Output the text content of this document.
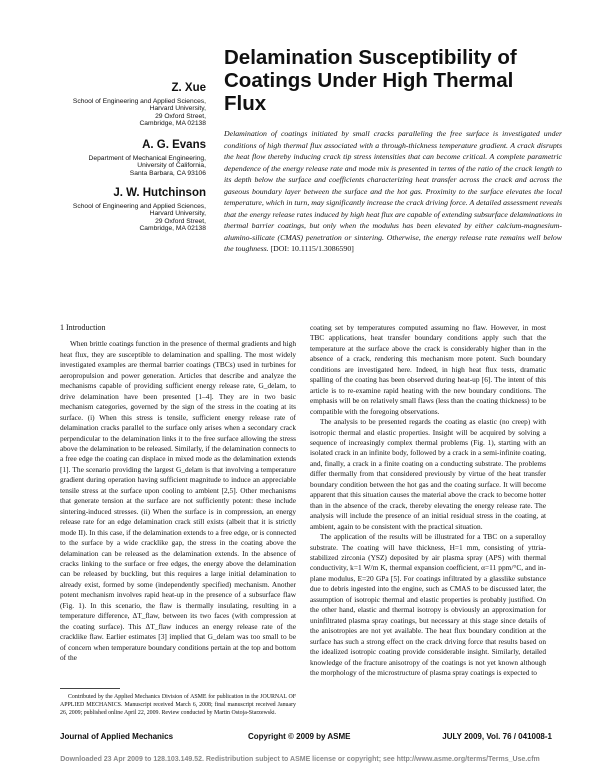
Z. Xue
School of Engineering and Applied Sciences,
Harvard University,
29 Oxford Street,
Cambridge, MA 02138
A. G. Evans
Department of Mechanical Engineering,
University of California,
Santa Barbara, CA 93106
J. W. Hutchinson
School of Engineering and Applied Sciences,
Harvard University,
29 Oxford Street,
Cambridge, MA 02138
Delamination Susceptibility of Coatings Under High Thermal Flux
Delamination of coatings initiated by small cracks paralleling the free surface is investigated under conditions of high thermal flux associated with a through-thickness temperature gradient. A crack disrupts the heat flow thereby inducing crack tip stress intensities that can become critical. A complete parametric dependence of the energy release rate and mode mix is presented in terms of the ratio of the crack length to its depth below the surface and coefficients characterizing heat transfer across the crack and across the gaseous boundary layer between the surface and the hot gas. Proximity to the surface elevates the local temperature, which in turn, may significantly increase the crack driving force. A detailed assessment reveals that the energy release rates induced by high heat flux are capable of extending subsurface delaminations in thermal barrier coatings, but only when the modulus has been elevated by either calcium-magnesium-alumino-silicate (CMAS) penetration or sintering. Otherwise, the energy release rate remains well below the toughness. [DOI: 10.1115/1.3086590]
1 Introduction

When brittle coatings function in the presence of thermal gradients and high heat flux, they are susceptible to delamination and spalling. The most widely investigated examples are thermal barrier coatings (TBCs) used in turbines for aeropropulsion and power generation. Articles that describe and analyze the mechanisms capable of providing sufficient energy release rate, G_delam, to drive delamination have been presented [1–4]. They are in two basic mechanism categories, governed by the sign of the stress in the coating at its surface. (i) When this stress is tensile, sufficient energy release rate of delamination cracks parallel to the surface only arises when a secondary crack perpendicular to the delamination links it to the free surface allowing the stress above the delamination to be released. Similarly, if the delamination connects to a free edge the coating can displace in mixed mode as the delamination extends [1]. The scenario providing the largest G_delam is that involving a temperature gradient during operation having sufficient magnitude to induce an appreciable tensile stress at the surface upon cooling to ambient [2,5]. Other mechanisms that generate tension at the surface are not sufficiently potent: these include sintering-induced stresses. (ii) When the surface is in compression, an energy release rate for an edge delamination crack still exists (albeit that it is strictly mode II). In this case, if the delamination extends to a free edge, or is connected to the surface by a wide cracklike gap, the stress in the coating above the delamination can be released as the delamination extends. In the absence of cracks linking to the surface or free edges, the energy above the delamination can be released by buckling, but this requires a large initial delamination to already exist, formed by some (independently specified) mechanism. Another potent mechanism involves rapid heat-up in the presence of a subsurface flaw (Fig. 1). In this scenario, the flaw is thermally insulating, resulting in a temperature difference, ΔT_flaw, between its two faces (with compression at the coating surface). This ΔT_flaw induces an energy release rate of the cracklike flaw. Earlier estimates [3] implied that G_delam was too small to be of concern when temperature boundary conditions pertain at the top and bottom of the

Contributed by the Applied Mechanics Division of ASME for publication in the JOURNAL OF APPLIED MECHANICS. Manuscript received March 6, 2008; final manuscript received January 26, 2009; published online April 22, 2009. Review conducted by Martin Ostoja-Starzewski.

coating set by temperatures computed assuming no flaw. However, in most TBC applications, heat transfer boundary conditions apply such that the temperature at the surface above the crack is considerably higher than in the absence of a crack, rendering this mechanism more potent. Such boundary conditions are investigated here. Indeed, in high heat flux tests, dramatic spalling of the coating has been observed during heat-up [6]. The intent of this article is to re-examine rapid heating with the new boundary conditions. The emphasis will be on relatively small flaws (less than the coating thickness) to be compatible with the foregoing observations.

The analysis to be presented regards the coating as elastic (no creep) with isotropic thermal and elastic properties. Insight will be acquired by solving a sequence of increasingly complex thermal problems (Fig. 1), starting with an isolated crack in an infinite body, followed by a crack in a semi-infinite coating, and, finally, a crack in a finite coating on a conducting substrate. The problems differ thermally from that considered previously by virtue of the heat transfer boundary condition between the hot gas and the coating surface. It will become apparent that this situation causes the material above the crack to become hotter than in the absence of the crack, thereby elevating the energy release rate. The analysis will include the presence of an initial residual stress in the coating, at ambient, again to be consistent with the practical situation.

The application of the results will be illustrated for a TBC on a superalloy substrate. The coating will have thickness, H=1 mm, consisting of yttria-stabilized zirconia (YSZ) deposited by air plasma spray (APS) with thermal conductivity, k=1 W/m K, thermal expansion coefficient, α=11 ppm/°C, and in-plane modulus, E=20 GPa [5]. For coatings infiltrated by a glasslike substance due to debris ingested into the engine, such as CMAS to be discussed later, the assumption of isotropic thermal and elastic properties is probably justified. On the other hand, elastic and thermal isotropy is obviously an approximation for uninfiltrated plasma spray coatings, but necessary at this stage since details of the anisotropies are not yet available. The heat flux boundary condition at the surface has such a strong effect on the crack driving force that results based on the idealized isotropic coating provide considerable insight. Similarly, detailed knowledge of the fracture anisotropy of the coatings is not yet known although the morphology of the microstructure of plasma spray coatings is expected to

Journal of Applied Mechanics	Copyright © 2009 by ASME	JULY 2009, Vol. 76 / 041008-1
Downloaded 23 Apr 2009 to 128.103.149.52. Redistribution subject to ASME license or copyright; see http://www.asme.org/terms/Terms_Use.cfm
